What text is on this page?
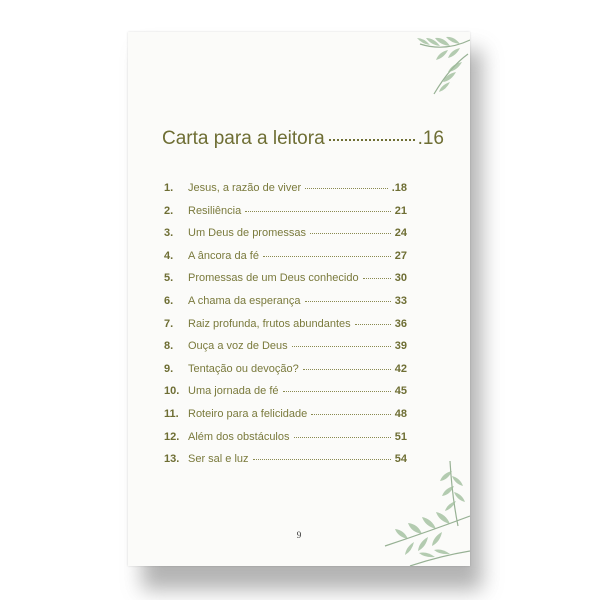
Carta para a leitora	.16
1.	Jesus, a razão de viver	.18
2.	Resiliência	21
3.	Um Deus de promessas	24
4.	A âncora da fé	27
5.	Promessas de um Deus conhecido	30
6.	A chama da esperança	33
7.	Raiz profunda, frutos abundantes	36
8.	Ouça a voz de Deus	39
9.	Tentação ou devoção?	42
10. Uma jornada de fé	45
11. Roteiro para a felicidade	48
12. Além dos obstáculos	51
13. Ser sal e luz	54
9
